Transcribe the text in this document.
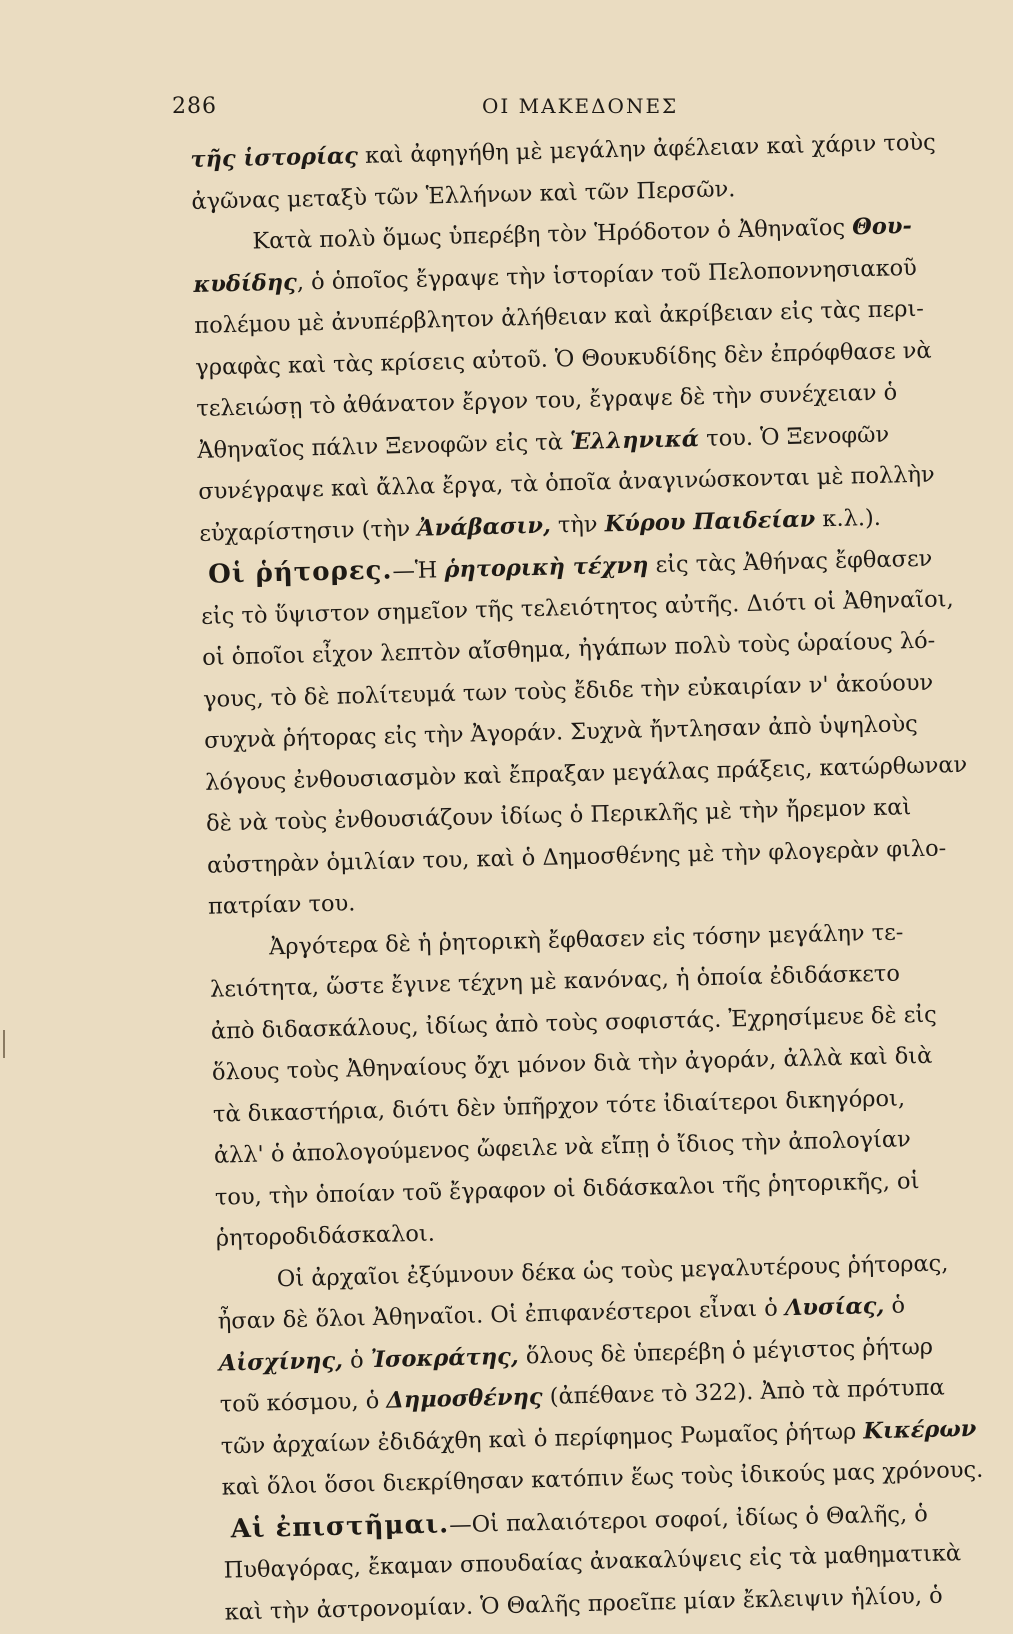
286	ΟΙ ΜΑΚΕΔΟΝΕΣ
τῆς ἱστορίας καὶ ἀφηγήθη μὲ μεγάλην ἀφέλειαν καὶ χάριν τοὺς
ἀγῶνας μεταξὺ τῶν Ἑλλήνων καὶ τῶν Περσῶν.
Κατὰ πολὺ ὅμως ὑπερέβη τὸν Ἡρόδοτον ὁ Ἀθηναῖος Θου-
κυδίδης, ὁ ὁποῖος ἔγραψε τὴν ἱστορίαν τοῦ Πελοποννησιακοῦ
πολέμου μὲ ἀνυπέρβλητον ἀλήθειαν καὶ ἀκρίβειαν εἰς τὰς περι-
γραφὰς καὶ τὰς κρίσεις αὐτοῦ. Ὁ Θουκυδίδης δὲν ἐπρόφθασε νὰ
τελειώσῃ τὸ ἀθάνατον ἔργον του, ἔγραψε δὲ τὴν συνέχειαν ὁ
Ἀθηναῖος πάλιν Ξενοφῶν εἰς τὰ Ἑλληνικά του. Ὁ Ξενοφῶν
συνέγραψε καὶ ἄλλα ἔργα, τὰ ὁποῖα ἀναγινώσκονται μὲ πολλὴν
εὐχαρίστησιν (τὴν Ἀνάβασιν, τὴν Κύρου Παιδείαν κ.λ.).
Οἱ ῥήτορες.—Ἡ ῥητορικὴ τέχνη εἰς τὰς Ἀθήνας ἔφθασεν
εἰς τὸ ὕψιστον σημεῖον τῆς τελειότητος αὐτῆς. Διότι οἱ Ἀθηναῖοι,
οἱ ὁποῖοι εἶχον λεπτὸν αἴσθημα, ἠγάπων πολὺ τοὺς ὡραίους λό-
γους, τὸ δὲ πολίτευμά των τοὺς ἔδιδε τὴν εὐκαιρίαν ν' ἀκούουν
συχνὰ ῥήτορας εἰς τὴν Ἀγοράν. Συχνὰ ἤντλησαν ἀπὸ ὑψηλοὺς
λόγους ἐνθουσιασμὸν καὶ ἔπραξαν μεγάλας πράξεις, κατώρθωναν
δὲ νὰ τοὺς ἐνθουσιάζουν ἰδίως ὁ Περικλῆς μὲ τὴν ἤρεμον καὶ
αὐστηρὰν ὁμιλίαν του, καὶ ὁ Δημοσθένης μὲ τὴν φλογερὰν φιλο-
πατρίαν του.
Ἀργότερα δὲ ἡ ῥητορικὴ ἔφθασεν εἰς τόσην μεγάλην τε-
λειότητα, ὥστε ἔγινε τέχνη μὲ κανόνας, ἡ ὁποία ἐδιδάσκετο
ἀπὸ διδασκάλους, ἰδίως ἀπὸ τοὺς σοφιστάς. Ἐχρησίμευε δὲ εἰς
ὅλους τοὺς Ἀθηναίους ὄχι μόνον διὰ τὴν ἀγοράν, ἀλλὰ καὶ διὰ
τὰ δικαστήρια, διότι δὲν ὑπῆρχον τότε ἰδιαίτεροι δικηγόροι,
ἀλλ' ὁ ἀπολογούμενος ὤφειλε νὰ εἴπῃ ὁ ἴδιος τὴν ἀπολογίαν
του, τὴν ὁποίαν τοῦ ἔγραφον οἱ διδάσκαλοι τῆς ῥητορικῆς, οἱ
ῥητοροδιδάσκαλοι.
Οἱ ἀρχαῖοι ἐξύμνουν δέκα ὡς τοὺς μεγαλυτέρους ῥήτορας,
ἦσαν δὲ ὅλοι Ἀθηναῖοι. Οἱ ἐπιφανέστεροι εἶναι ὁ Λυσίας, ὁ
Αἰσχίνης, ὁ Ἰσοκράτης, ὅλους δὲ ὑπερέβη ὁ μέγιστος ῥήτωρ
τοῦ κόσμου, ὁ Δημοσθένης (ἀπέθανε τὸ 322). Ἀπὸ τὰ πρότυπα
τῶν ἀρχαίων ἐδιδάχθη καὶ ὁ περίφημος Ρωμαῖος ῥήτωρ Κικέρων
καὶ ὅλοι ὅσοι διεκρίθησαν κατόπιν ἕως τοὺς ἰδικούς μας χρόνους.
Αἱ ἐπιστῆμαι.—Οἱ παλαιότεροι σοφοί, ἰδίως ὁ Θαλῆς, ὁ
Πυθαγόρας, ἔκαμαν σπουδαίας ἀνακαλύψεις εἰς τὰ μαθηματικὰ
καὶ τὴν ἀστρονομίαν. Ὁ Θαλῆς προεῖπε μίαν ἔκλειψιν ἡλίου, ὁ
